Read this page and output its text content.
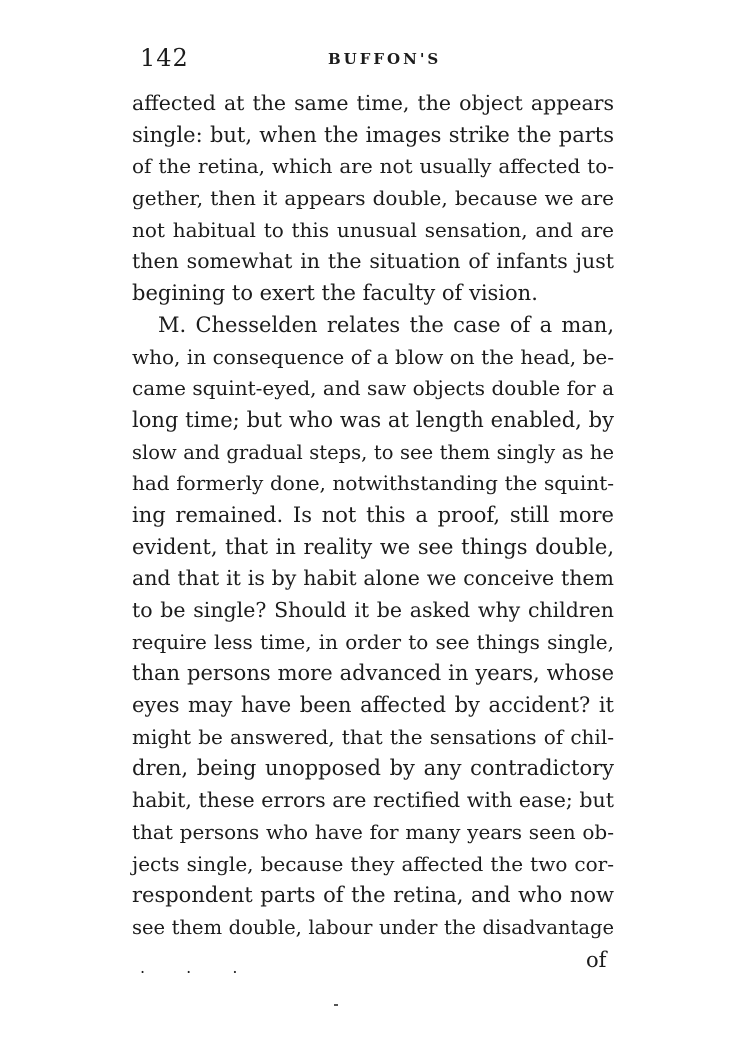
142	BUFFON'S
affected at the same time, the object appears
single: but, when the images strike the parts
of the retina, which are not usually affected to-
gether, then it appears double, because we are
not habitual to this unusual sensation, and are
then somewhat in the situation of infants just
begining to exert the faculty of vision.
M. Chesselden relates the case of a man,
who, in consequence of a blow on the head, be-
came squint-eyed, and saw objects double for a
long time; but who was at length enabled, by
slow and gradual steps, to see them singly as he
had formerly done, notwithstanding the squint-
ing remained. Is not this a proof, still more
evident, that in reality we see things double,
and that it is by habit alone we conceive them
to be single? Should it be asked why children
require less time, in order to see things single,
than persons more advanced in years, whose
eyes may have been affected by accident? it
might be answered, that the sensations of chil-
dren, being unopposed by any contradictory
habit, these errors are rectified with ease; but
that persons who have for many years seen ob-
jects single, because they affected the two cor-
respondent parts of the retina, and who now
see them double, labour under the disadvantage
. . .	of
